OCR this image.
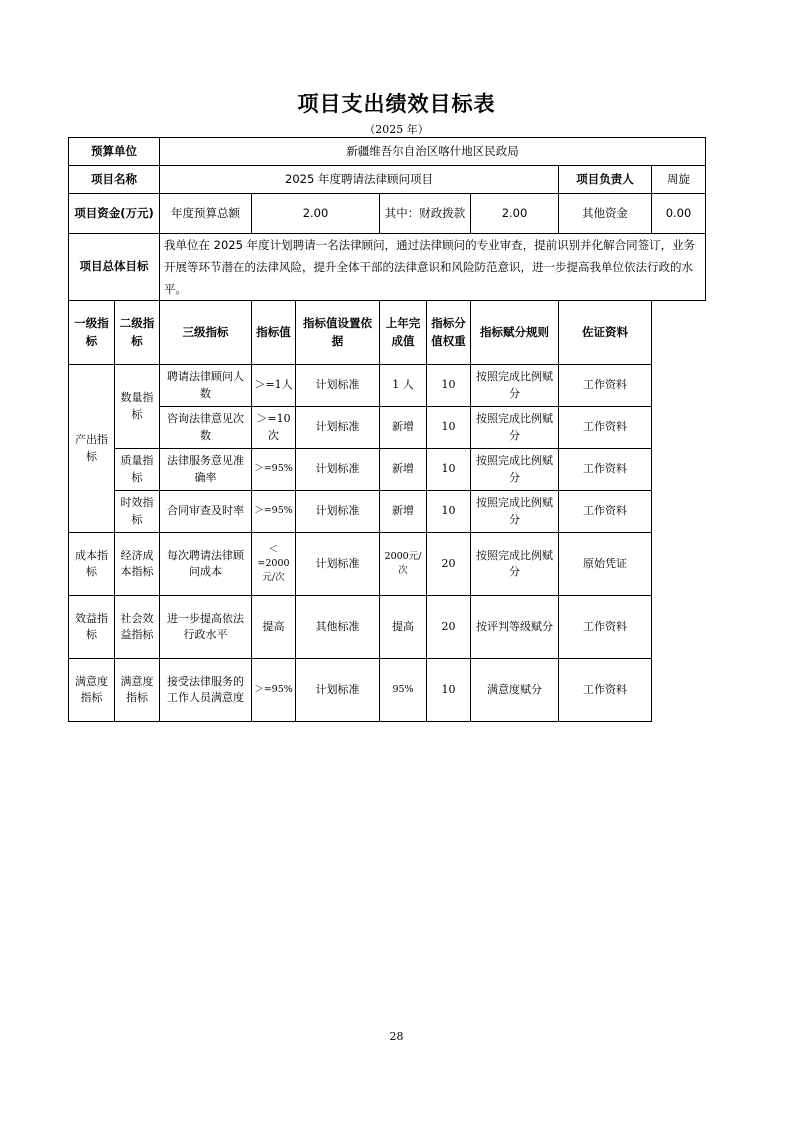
项目支出绩效目标表
（2025 年）
预算单位		新疆维吾尔自治区喀什地区民政局							
项目名称		2025 年度聘请法律顾问项目						项目负责人	周旋
项目资金(万元)		年度预算总额	2.00		其中：财政拨款		2.00	其他资金	0.00
项目总体目标		我单位在 2025 年度计划聘请一名法律顾问，通过法律顾问的专业审查，提前识别并化解合同签订，业务开展等环节潜在的法律风险，提升全体干部的法律意识和风险防范意识，进一步提高我单位依法行政的水平。							
一级指标	二级指标	三级指标	指标值	指标值设置依据	上年完成值	指标分值权重	指标赋分规则	佐证资料	
产出指标	数量指标	聘请法律顾问人数	＞=1人	计划标准	1 人	10	按照完成比例赋分	工作资料	
		咨询法律意见次数	＞=10次	计划标准	新增	10	按照完成比例赋分	工作资料	
	质量指标	法律服务意见准确率	＞=95%	计划标准	新增	10	按照完成比例赋分	工作资料	
	时效指标	合同审查及时率	＞=95%	计划标准	新增	10	按照完成比例赋分	工作资料	
成本指标	经济成本指标	每次聘请法律顾问成本	＜=2000元/次	计划标准	2000元/次	20	按照完成比例赋分	原始凭证	
效益指标	社会效益指标	进一步提高依法行政水平	提高	其他标准	提高	20	按评判等级赋分	工作资料	
满意度指标	满意度指标	接受法律服务的工作人员满意度	＞=95%	计划标准	95%	10	满意度赋分	工作资料	
28
